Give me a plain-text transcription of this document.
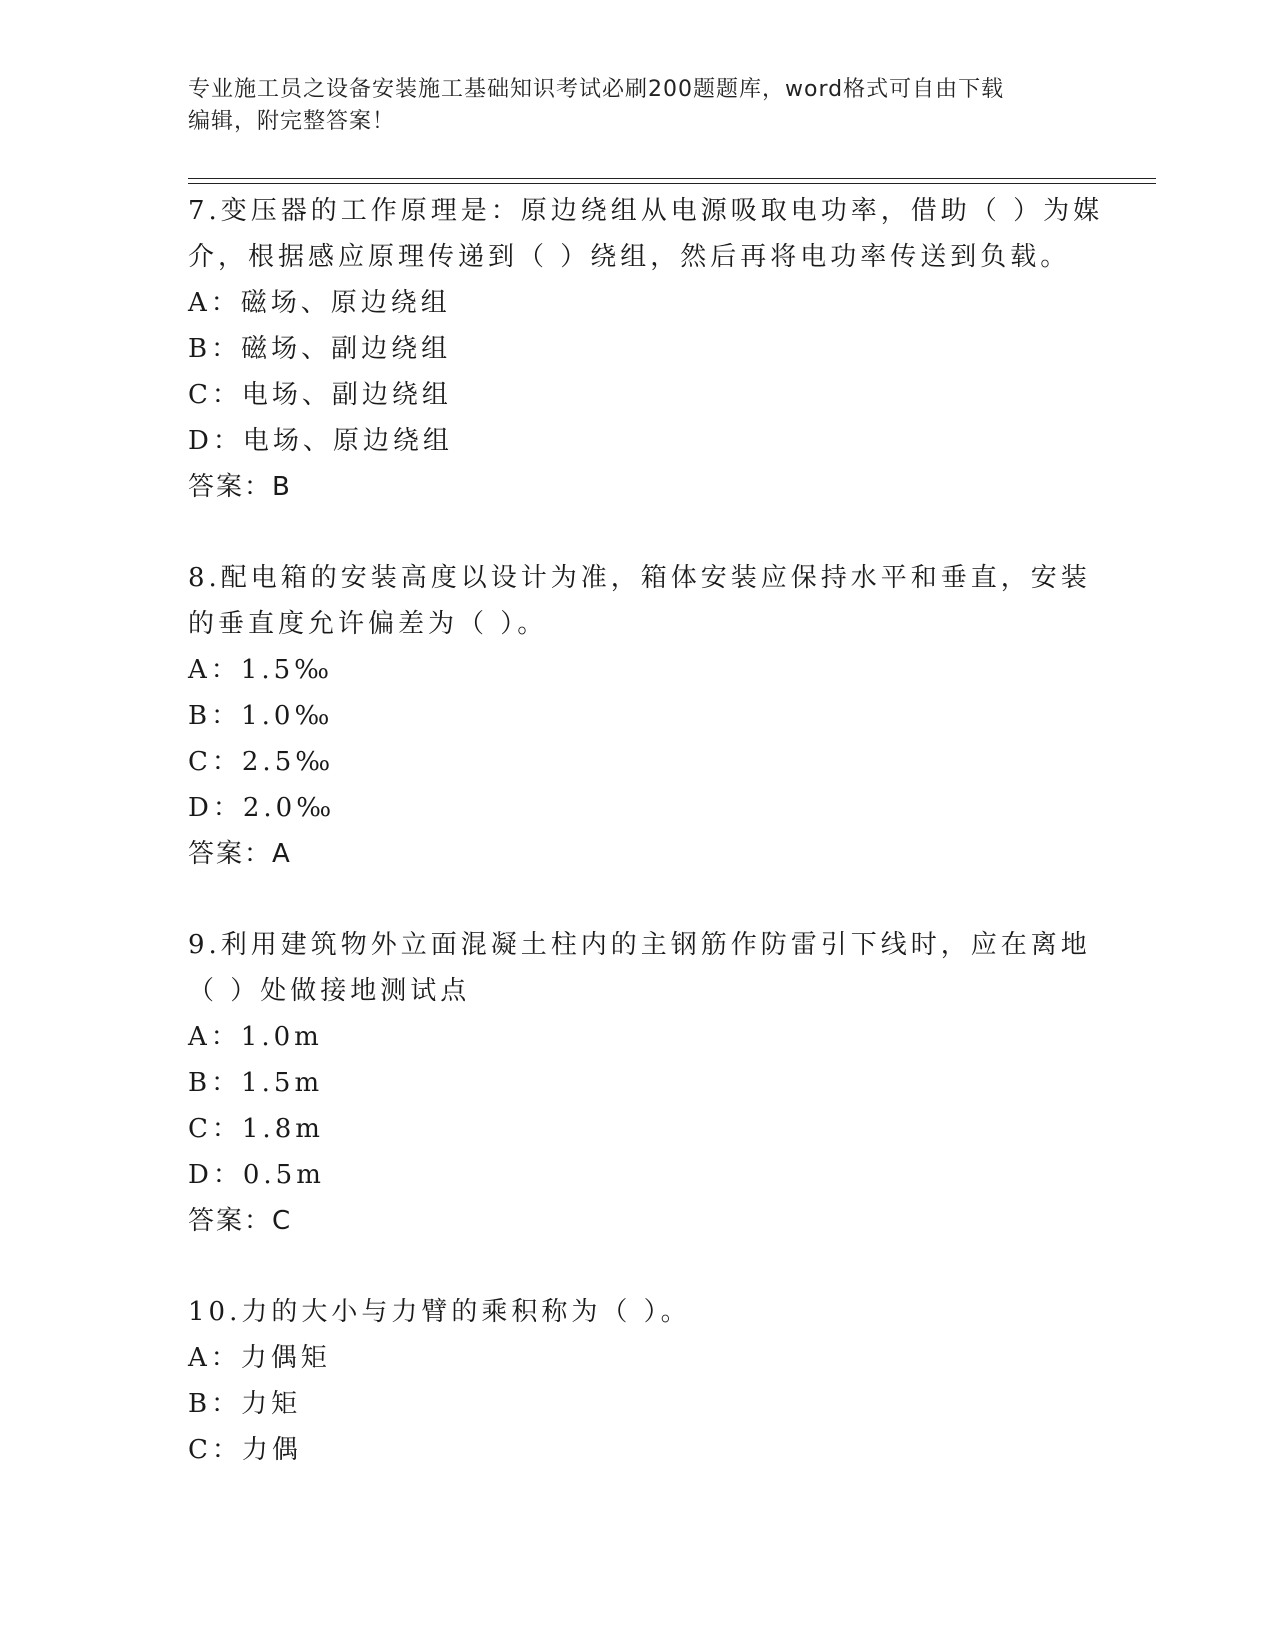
专业施工员之设备安装施工基础知识考试必刷200题题库，word格式可自由下载
编辑，附完整答案！
7.变压器的工作原理是：原边绕组从电源吸取电功率，借助（ ）为媒
介，根据感应原理传递到（ ）绕组，然后再将电功率传送到负载。
A：磁场、原边绕组
B：磁场、副边绕组
C：电场、副边绕组
D：电场、原边绕组
答案：B
8.配电箱的安装高度以设计为准，箱体安装应保持水平和垂直，安装
的垂直度允许偏差为（ ）。
A：1.5‰
B：1.0‰
C：2.5‰
D：2.0‰
答案：A
9.利用建筑物外立面混凝土柱内的主钢筋作防雷引下线时，应在离地
（ ）处做接地测试点
A：1.0m
B：1.5m
C：1.8m
D：0.5m
答案：C
10.力的大小与力臂的乘积称为（ ）。
A：力偶矩
B：力矩
C：力偶
